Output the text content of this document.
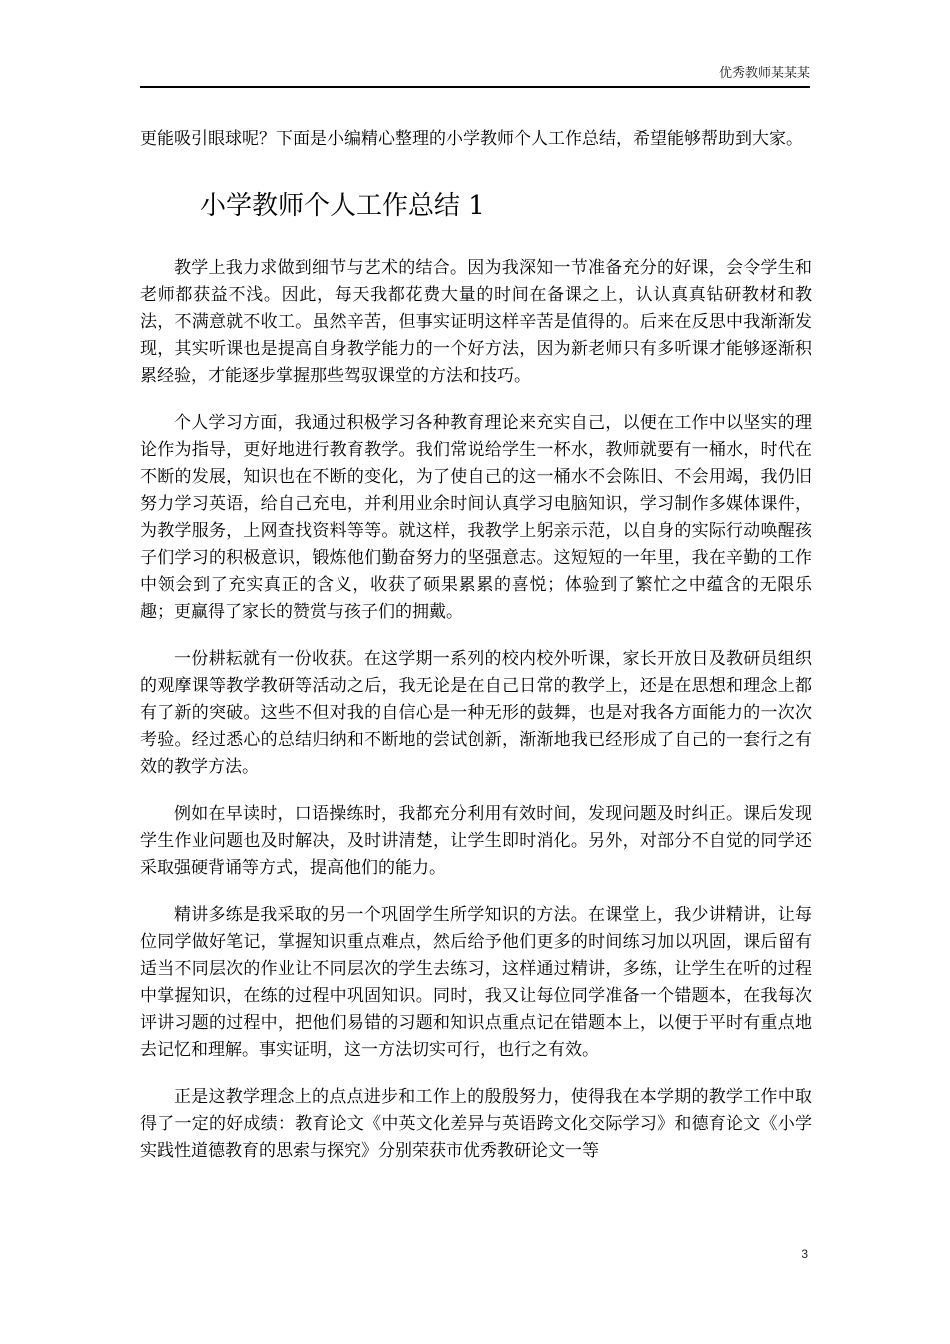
优秀教师某某某

更能吸引眼球呢？下面是小编精心整理的小学教师个人工作总结，希望能够帮助到大家。

小学教师个人工作总结 1

教学上我力求做到细节与艺术的结合。因为我深知一节准备充分的好课，会令学生和老师都获益不浅。因此，每天我都花费大量的时间在备课之上，认认真真钻研教材和教法，不满意就不收工。虽然辛苦，但事实证明这样辛苦是值得的。后来在反思中我渐渐发现，其实听课也是提高自身教学能力的一个好方法，因为新老师只有多听课才能够逐渐积累经验，才能逐步掌握那些驾驭课堂的方法和技巧。

个人学习方面，我通过积极学习各种教育理论来充实自己，以便在工作中以坚实的理论作为指导，更好地进行教育教学。我们常说给学生一杯水，教师就要有一桶水，时代在不断的发展，知识也在不断的变化，为了使自己的这一桶水不会陈旧、不会用竭，我仍旧努力学习英语，给自己充电，并利用业余时间认真学习电脑知识，学习制作多媒体课件，为教学服务，上网查找资料等等。就这样，我教学上躬亲示范，以自身的实际行动唤醒孩子们学习的积极意识，锻炼他们勤奋努力的坚强意志。这短短的一年里，我在辛勤的工作中领会到了充实真正的含义，收获了硕果累累的喜悦；体验到了繁忙之中蕴含的无限乐趣；更赢得了家长的赞赏与孩子们的拥戴。

一份耕耘就有一份收获。在这学期一系列的校内校外听课，家长开放日及教研员组织的观摩课等教学教研等活动之后，我无论是在自己日常的教学上，还是在思想和理念上都有了新的突破。这些不但对我的自信心是一种无形的鼓舞，也是对我各方面能力的一次次考验。经过悉心的总结归纳和不断地的尝试创新，渐渐地我已经形成了自己的一套行之有效的教学方法。

例如在早读时，口语操练时，我都充分利用有效时间，发现问题及时纠正。课后发现学生作业问题也及时解决，及时讲清楚，让学生即时消化。另外，对部分不自觉的同学还采取强硬背诵等方式，提高他们的能力。

精讲多练是我采取的另一个巩固学生所学知识的方法。在课堂上，我少讲精讲，让每位同学做好笔记，掌握知识重点难点，然后给予他们更多的时间练习加以巩固，课后留有适当不同层次的作业让不同层次的学生去练习，这样通过精讲，多练，让学生在听的过程中掌握知识，在练的过程中巩固知识。同时，我又让每位同学准备一个错题本，在我每次评讲习题的过程中，把他们易错的习题和知识点重点记在错题本上，以便于平时有重点地去记忆和理解。事实证明，这一方法切实可行，也行之有效。

正是这教学理念上的点点进步和工作上的殷殷努力，使得我在本学期的教学工作中取得了一定的好成绩：教育论文《中英文化差异与英语跨文化交际学习》和德育论文《小学实践性道德教育的思索与探究》分别荣获市优秀教研论文一等

3
